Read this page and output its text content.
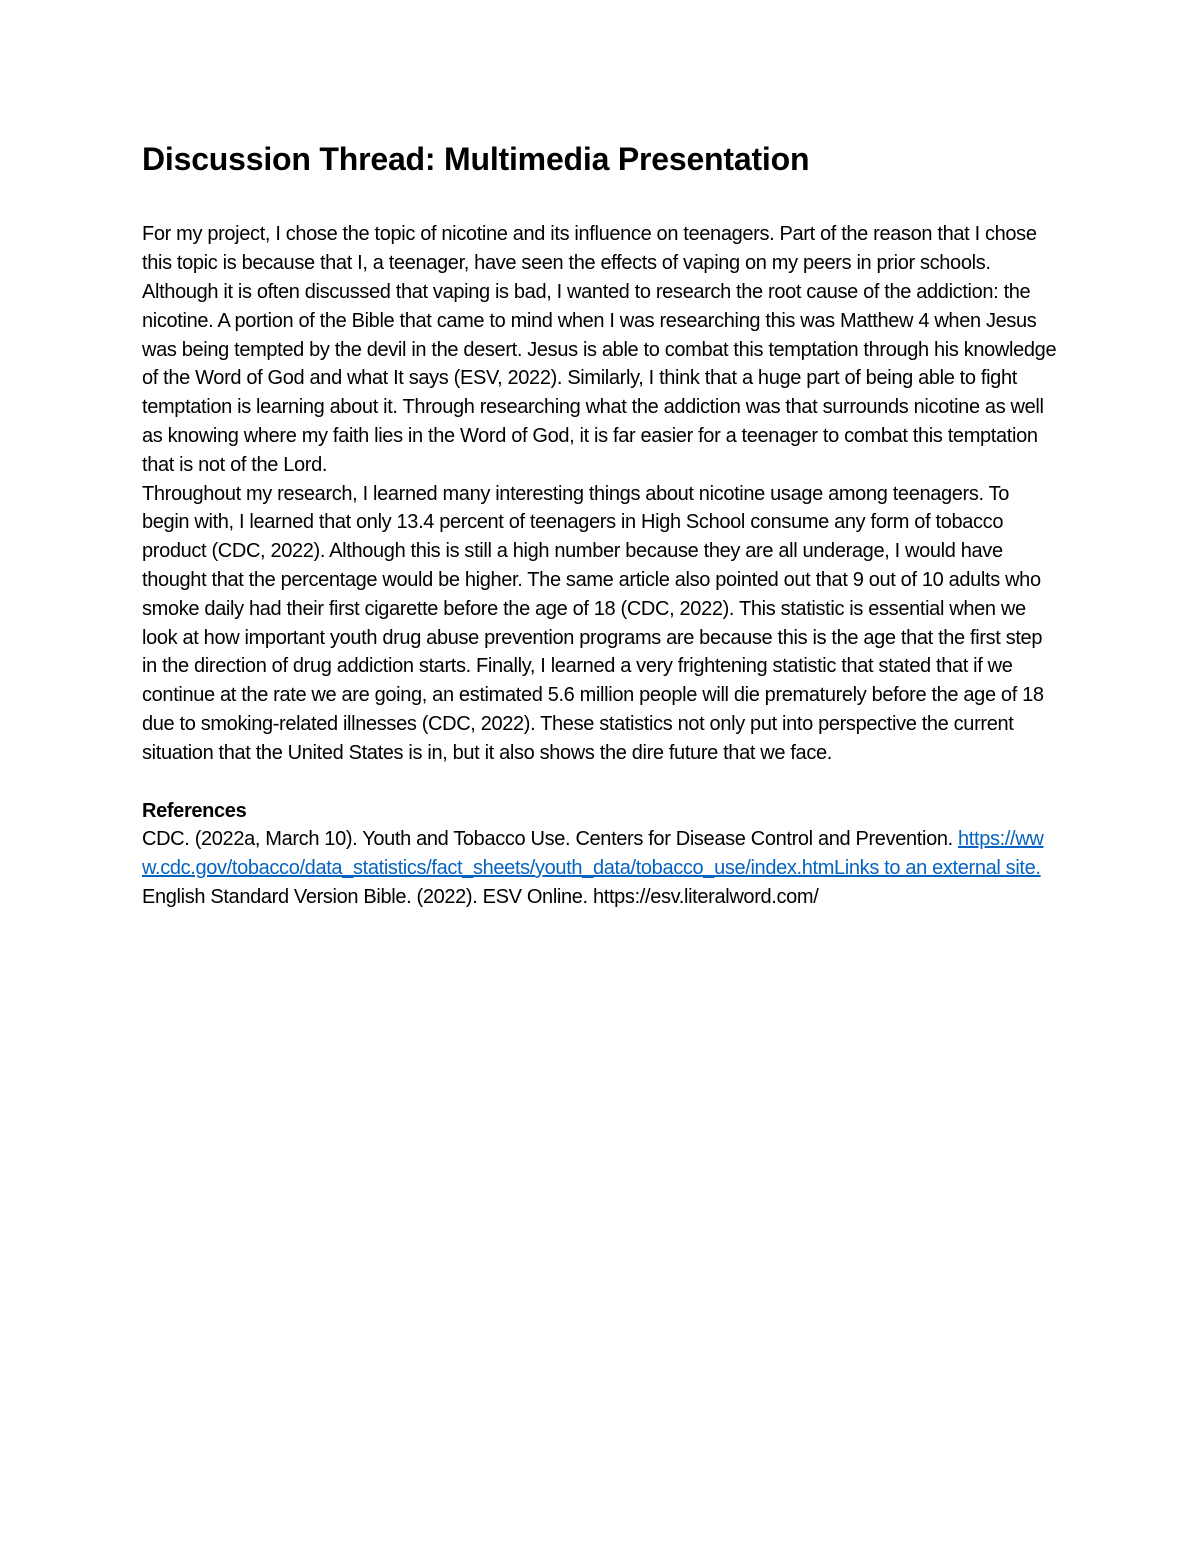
Discussion Thread: Multimedia Presentation

For my project, I chose the topic of nicotine and its influence on teenagers. Part of the reason that I chose this topic is because that I, a teenager, have seen the effects of vaping on my peers in prior schools. Although it is often discussed that vaping is bad, I wanted to research the root cause of the addiction: the nicotine. A portion of the Bible that came to mind when I was researching this was Matthew 4 when Jesus was being tempted by the devil in the desert. Jesus is able to combat this temptation through his knowledge of the Word of God and what It says (ESV, 2022). Similarly, I think that a huge part of being able to fight temptation is learning about it. Through researching what the addiction was that surrounds nicotine as well as knowing where my faith lies in the Word of God, it is far easier for a teenager to combat this temptation that is not of the Lord.

Throughout my research, I learned many interesting things about nicotine usage among teenagers. To begin with, I learned that only 13.4 percent of teenagers in High School consume any form of tobacco product (CDC, 2022). Although this is still a high number because they are all underage, I would have thought that the percentage would be higher. The same article also pointed out that 9 out of 10 adults who smoke daily had their first cigarette before the age of 18 (CDC, 2022). This statistic is essential when we look at how important youth drug abuse prevention programs are because this is the age that the first step in the direction of drug addiction starts. Finally, I learned a very frightening statistic that stated that if we continue at the rate we are going, an estimated 5.6 million people will die prematurely before the age of 18 due to smoking-related illnesses (CDC, 2022). These statistics not only put into perspective the current situation that the United States is in, but it also shows the dire future that we face.

References
CDC. (2022a, March 10). Youth and Tobacco Use. Centers for Disease Control and Prevention. https://www.cdc.gov/tobacco/data_statistics/fact_sheets/youth_data/tobacco_use/index.htmLinks to an external site.
English Standard Version Bible. (2022). ESV Online. https://esv.literalword.com/
